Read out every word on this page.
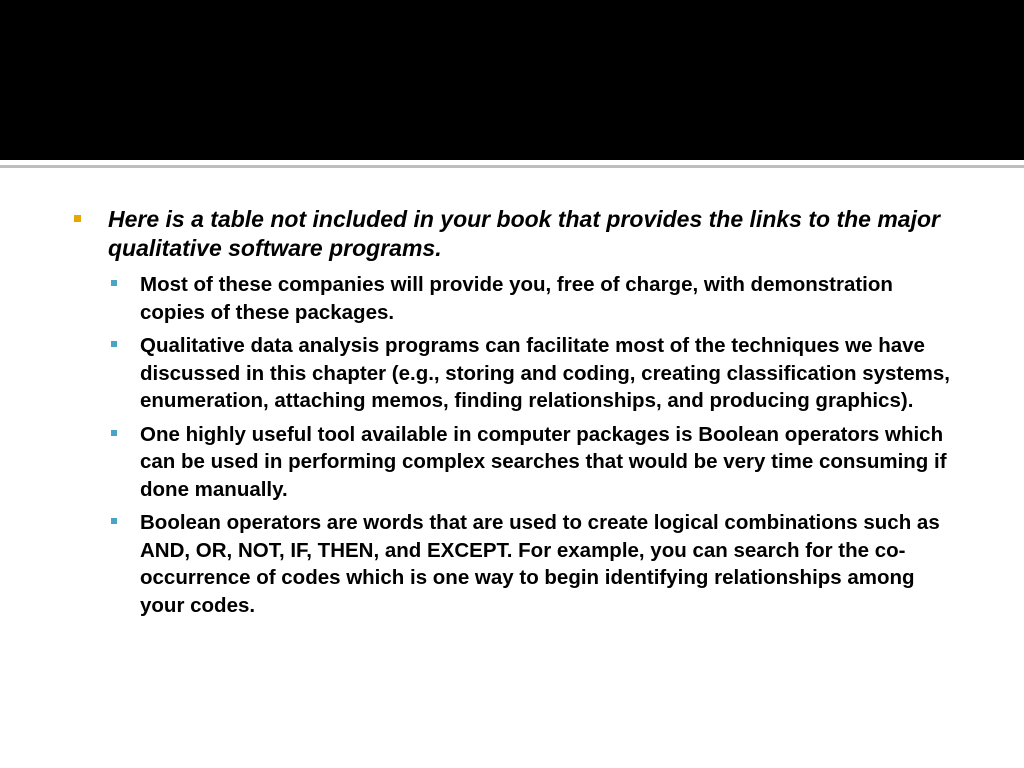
Here is a table not included in your book that provides the links to the major qualitative software programs.
Most of these companies will provide you, free of charge, with demonstration copies of these packages.
Qualitative data analysis programs can facilitate most of the techniques we have discussed in this chapter (e.g., storing and coding, creating classification systems, enumeration, attaching memos, finding relationships, and producing graphics).
One highly useful tool available in computer packages is Boolean operators which can be used in performing complex searches that would be very time consuming if done manually.
Boolean operators are words that are used to create logical combinations such as AND, OR, NOT, IF, THEN, and EXCEPT. For example, you can search for the co-occurrence of codes which is one way to begin identifying relationships among your codes.
